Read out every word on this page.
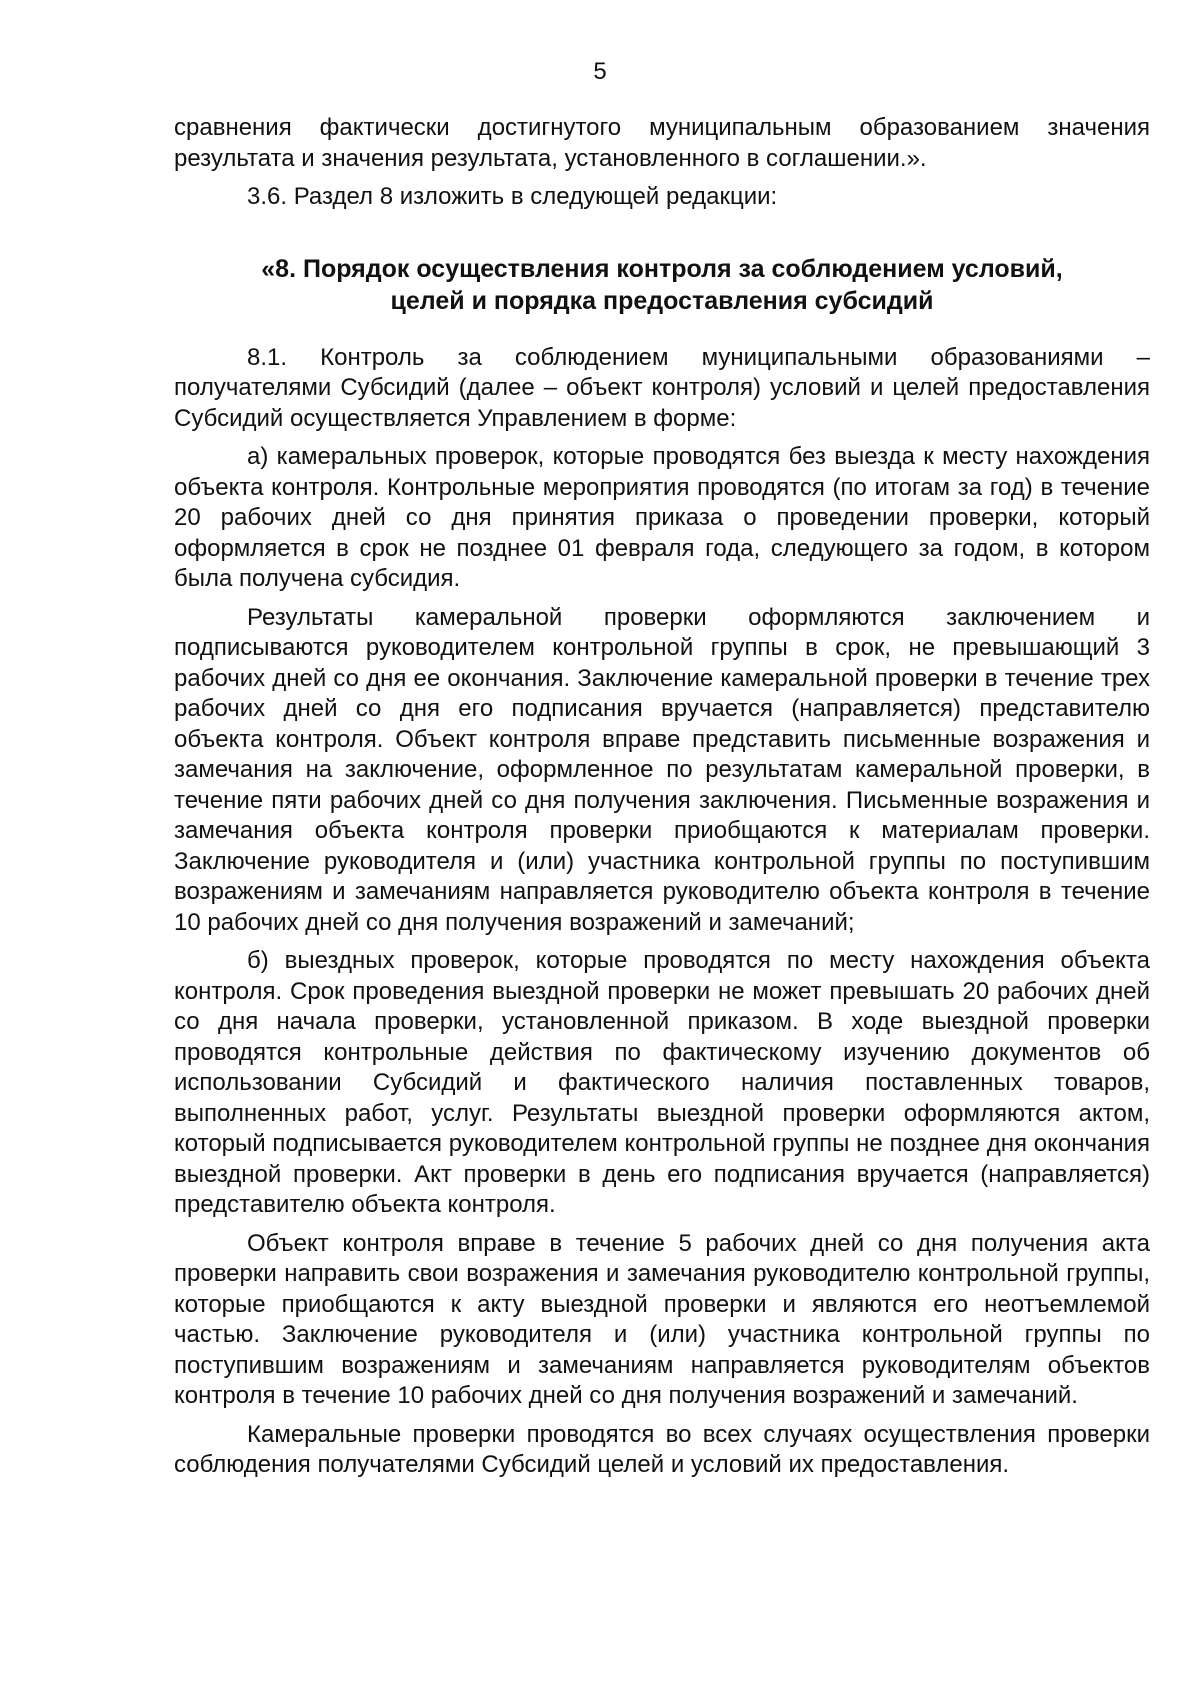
5

сравнения фактически достигнутого муниципальным образованием значения результата и значения результата, установленного в соглашении.».

3.6. Раздел 8 изложить в следующей редакции:

«8. Порядок осуществления контроля за соблюдением условий,
целей и порядка предоставления субсидий

8.1. Контроль за соблюдением муниципальными образованиями – получателями Субсидий (далее – объект контроля) условий и целей предоставления Субсидий осуществляется Управлением в форме:

а) камеральных проверок, которые проводятся без выезда к месту нахождения объекта контроля. Контрольные мероприятия проводятся (по итогам за год) в течение 20 рабочих дней со дня принятия приказа о проведении проверки, который оформляется в срок не позднее 01 февраля года, следующего за годом, в котором была получена субсидия.

Результаты камеральной проверки оформляются заключением и подписываются руководителем контрольной группы в срок, не превышающий 3 рабочих дней со дня ее окончания. Заключение камеральной проверки в течение трех рабочих дней со дня его подписания вручается (направляется) представителю объекта контроля. Объект контроля вправе представить письменные возражения и замечания на заключение, оформленное по результатам камеральной проверки, в течение пяти рабочих дней со дня получения заключения. Письменные возражения и замечания объекта контроля проверки приобщаются к материалам проверки. Заключение руководителя и (или) участника контрольной группы по поступившим возражениям и замечаниям направляется руководителю объекта контроля в течение 10 рабочих дней со дня получения возражений и замечаний;

б) выездных проверок, которые проводятся по месту нахождения объекта контроля. Срок проведения выездной проверки не может превышать 20 рабочих дней со дня начала проверки, установленной приказом. В ходе выездной проверки проводятся контрольные действия по фактическому изучению документов об использовании Субсидий и фактического наличия поставленных товаров, выполненных работ, услуг. Результаты выездной проверки оформляются актом, который подписывается руководителем контрольной группы не позднее дня окончания выездной проверки. Акт проверки в день его подписания вручается (направляется) представителю объекта контроля.

Объект контроля вправе в течение 5 рабочих дней со дня получения акта проверки направить свои возражения и замечания руководителю контрольной группы, которые приобщаются к акту выездной проверки и являются его неотъемлемой частью. Заключение руководителя и (или) участника контрольной группы по поступившим возражениям и замечаниям направляется руководителям объектов контроля в течение 10 рабочих дней со дня получения возражений и замечаний.

Камеральные проверки проводятся во всех случаях осуществления проверки соблюдения получателями Субсидий целей и условий их предоставления.
